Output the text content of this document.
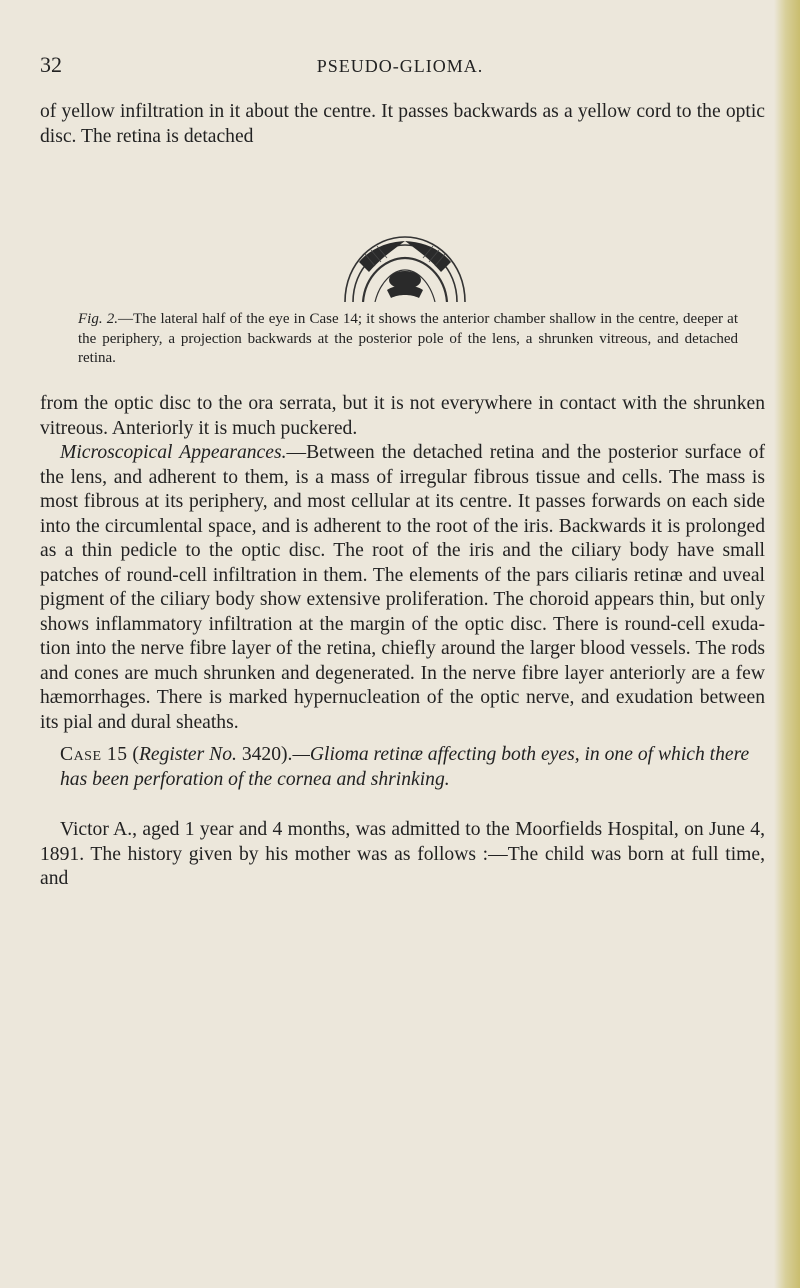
32	PSEUDO-GLIOMA.

of yellow infiltration in it about the centre. It passes backwards as a yellow cord to the optic disc. The retina is detached

Fig. 2.—The lateral half of the eye in Case 14; it shows the anterior chamber shallow in the centre, deeper at the periphery, a projection backwards at the posterior pole of the lens, a shrunken vitreous, and detached retina.

from the optic disc to the ora serrata, but it is not everywhere in contact with the shrunken vitreous. Anteriorly it is much puckered.

Microscopical Appearances.—Between the detached retina and the posterior surface of the lens, and adherent to them, is a mass of irregular fibrous tissue and cells. The mass is most fibrous at its periphery, and most cellular at its centre. It passes forwards on each side into the circumlental space, and is adherent to the root of the iris. Backwards it is prolonged as a thin pedicle to the optic disc. The root of the iris and the ciliary body have small patches of round-cell infiltration in them. The elements of the pars ciliaris retinæ and uveal pigment of the ciliary body show extensive proliferation. The choroid appears thin, but only shows inflammatory infiltration at the margin of the optic disc. There is round-cell exudation into the nerve fibre layer of the retina, chiefly around the larger blood vessels. The rods and cones are much shrunken and degenerated. In the nerve fibre layer anteriorly are a few hæmorrhages. There is marked hypernucleation of the optic nerve, and exudation between its pial and dural sheaths.

Case 15 (Register No. 3420).—Glioma retinæ affecting both eyes, in one of which there has been perforation of the cornea and shrinking.

Victor A., aged 1 year and 4 months, was admitted to the Moorfields Hospital, on June 4, 1891. The history given by his mother was as follows :—The child was born at full time, and
